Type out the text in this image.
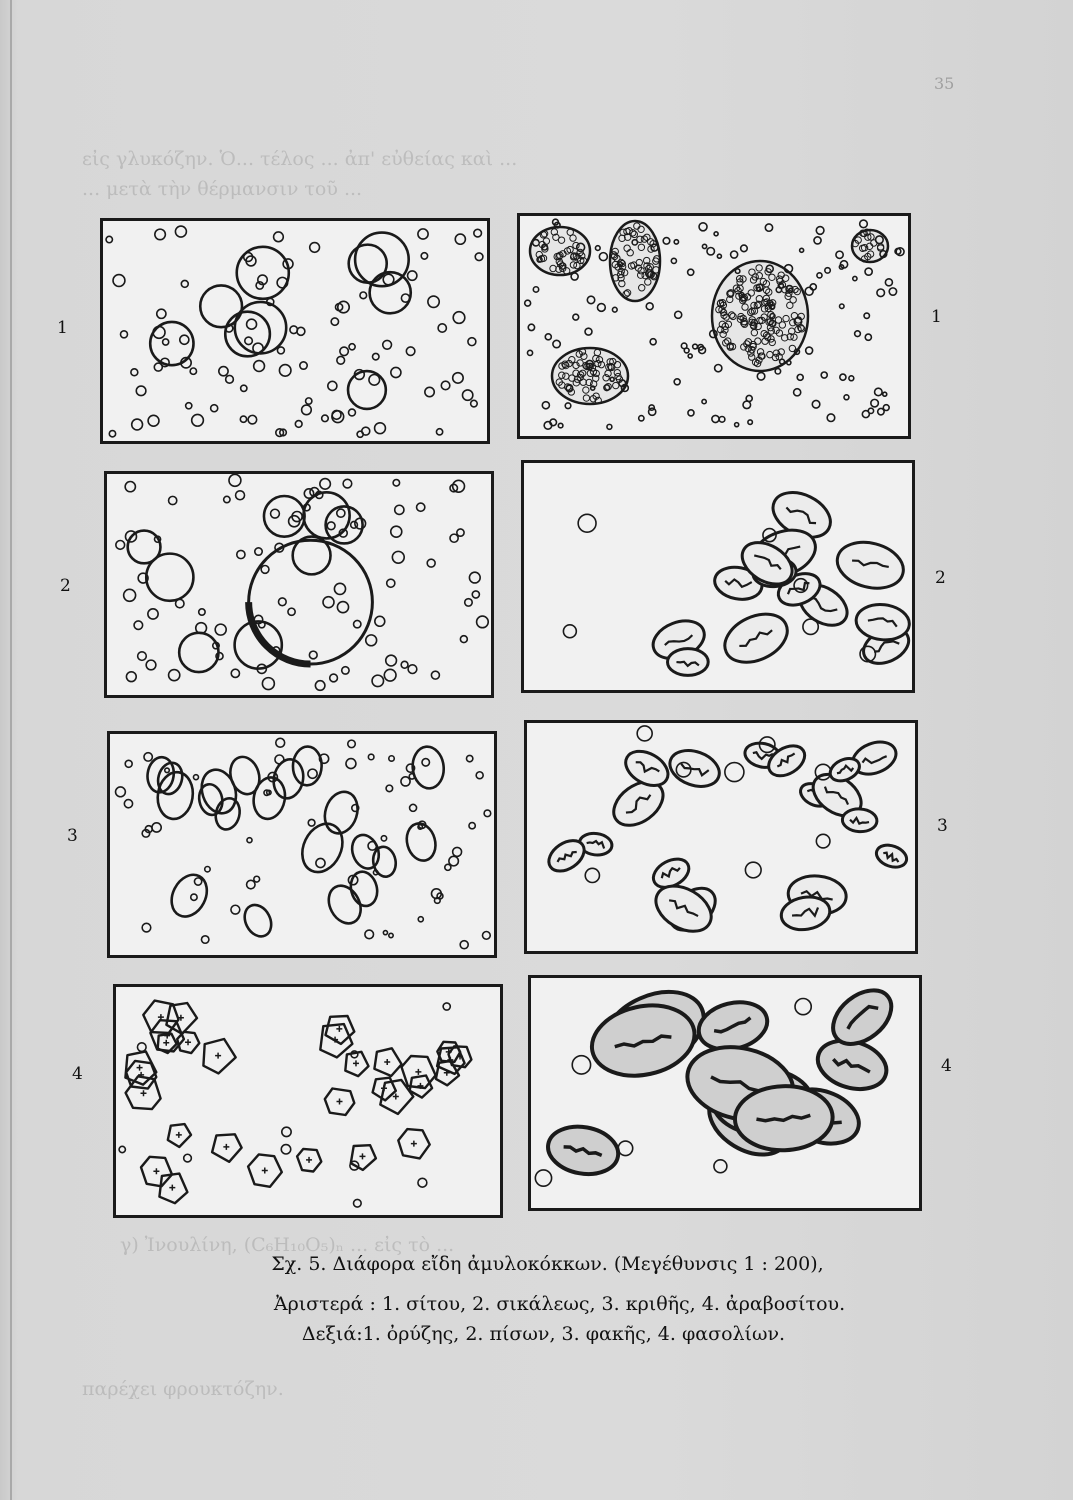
35
εἰς γλυκόζην. Ὁ... τέλος ... ἀπ' εὐθείας καὶ ...
... μετὰ τὴν θέρμανσιν τοῦ ...
1
2
3
4
1
2
3
4
Σχ. 5. Διάφορα εἴδη ἀμυλοκόκκων. (Μεγέθυνσις 1 : 200),
Ἀριστερά : 1. σίτου, 2. σικάλεως, 3. κριθῆς, 4. ἀραβοσίτου.
Δεξιά:1. ὀρύζης, 2. πίσων, 3. φακῆς, 4. φασολίων.
γ) Ἰνουλίνη, (C₆H₁₀O₅)ₙ ... εἰς τὸ ...
παρέχει φρουκτόζην.
